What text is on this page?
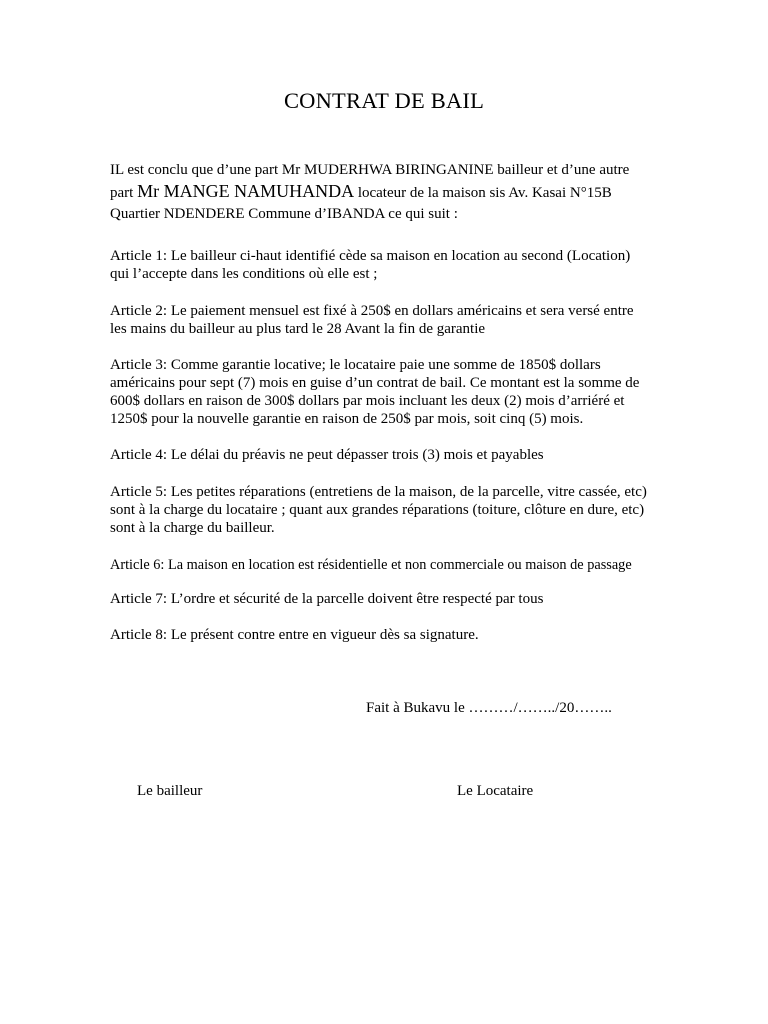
CONTRAT DE BAIL
IL est conclu que d’une part Mr MUDERHWA BIRINGANINE bailleur et d’une autre
part Mr MANGE NAMUHANDA locateur de la maison sis Av. Kasai N°15B
Quartier NDENDERE Commune d’IBANDA ce qui suit :
Article 1: Le bailleur ci-haut identifié cède sa maison en location au second (Location)
qui l’accepte dans les conditions où elle est ;
Article 2: Le paiement mensuel est fixé à 250$ en dollars américains et sera versé entre
les mains du bailleur au plus tard le 28 Avant la fin de garantie
Article 3: Comme garantie locative; le locataire paie une somme de 1850$ dollars
américains pour sept (7) mois en guise d’un contrat de bail. Ce montant est la somme de
600$ dollars en raison de 300$ dollars par mois incluant les deux (2) mois d’arriéré et
1250$ pour la nouvelle garantie en raison de 250$ par mois, soit cinq (5) mois.
Article 4: Le délai du préavis ne peut dépasser trois (3) mois et payables
Article 5: Les petites réparations (entretiens de la maison, de la parcelle, vitre cassée, etc)
sont à la charge du locataire ; quant aux grandes réparations (toiture, clôture en dure, etc)
sont à la charge du bailleur.
Article 6: La maison en location est résidentielle et non commerciale ou maison de passage
Article 7: L’ordre et sécurité de la parcelle doivent être respecté par tous
Article 8: Le présent contre entre en vigueur dès sa signature.
Fait à Bukavu le ………/……../20……..
Le bailleur	Le Locataire
